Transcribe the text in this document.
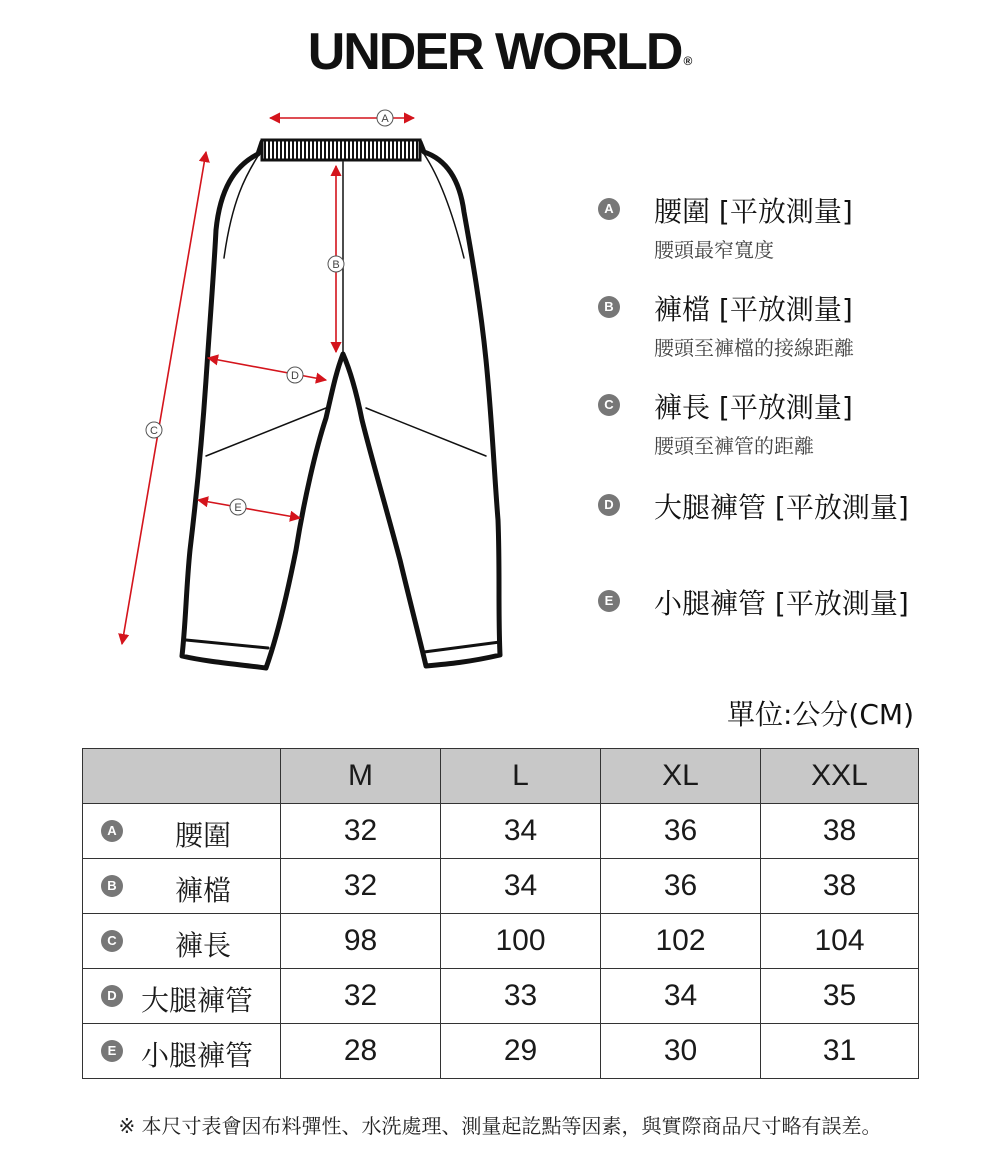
UNDER WORLD ®
A
B
C
D
E
A 腰圍 [平放測量]
腰頭最窄寬度
B 褲檔 [平放測量]
腰頭至褲檔的接線距離
C 褲長 [平放測量]
腰頭至褲管的距離
D 大腿褲管 [平放測量]
E 小腿褲管 [平放測量]
單位:公分(CM)
	M	L	XL	XXL

A 腰圍	32	34	36	38

B 褲檔	32	34	36	38

C 褲長	98	100	102	104

D 大腿褲管	32	33	34	35

E 小腿褲管	28	29	30	31
※ 本尺寸表會因布料彈性、水洗處理、測量起訖點等因素，與實際商品尺寸略有誤差。
